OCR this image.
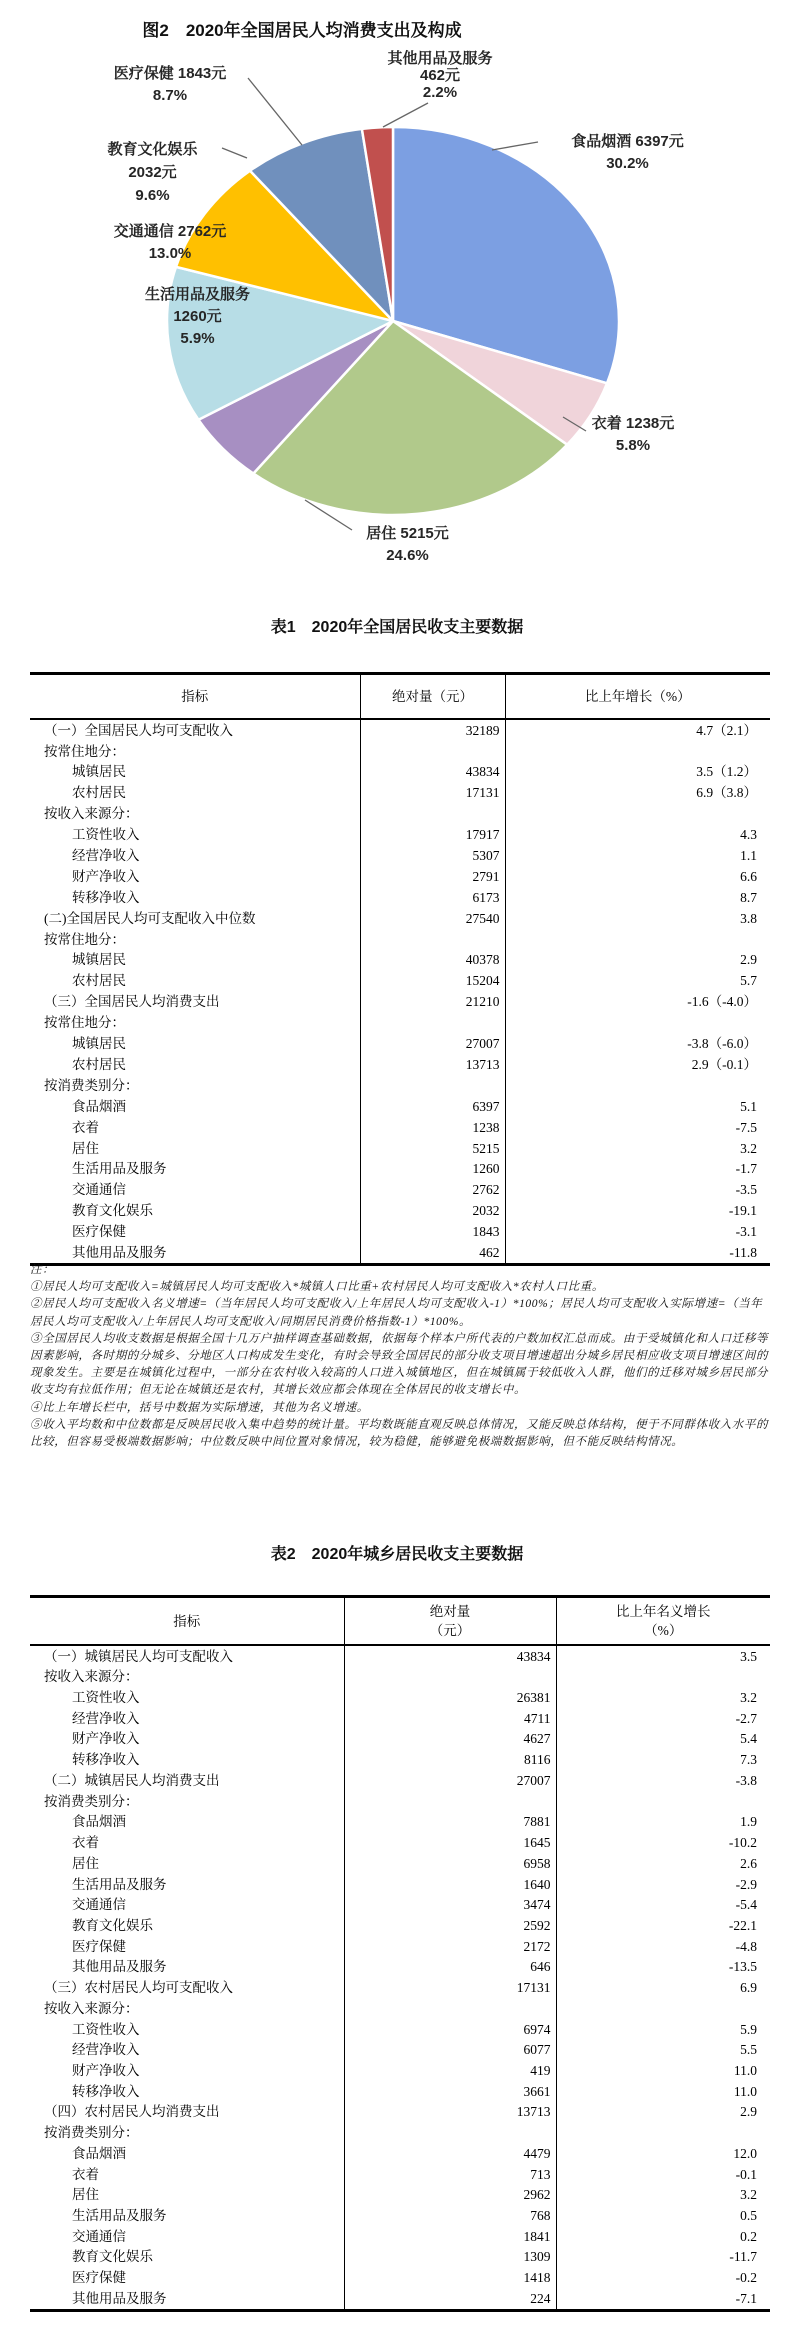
图2　2020年全国居民人均消费支出及构成
其他用品及服务
462元
2.2%
医疗保健 1843元
8.7%
食品烟酒 6397元
30.2%
教育文化娱乐
2032元
9.6%
交通通信 2762元
13.0%
生活用品及服务
1260元
5.9%
居住 5215元
24.6%
衣着 1238元
5.8%
表1　2020年全国居民收支主要数据
指标	绝对量（元）	比上年增长（%）

（一）全国居民人均可支配收入	32189	4.7（2.1）
按常住地分：		
城镇居民	43834	3.5（1.2）
农村居民	17131	6.9（3.8）
按收入来源分：		
工资性收入	17917	4.3
经营净收入	5307	1.1
财产净收入	2791	6.6
转移净收入	6173	8.7
(二)全国居民人均可支配收入中位数	27540	3.8
按常住地分：		
城镇居民	40378	2.9
农村居民	15204	5.7
（三）全国居民人均消费支出	21210	-1.6（-4.0）
按常住地分：		
城镇居民	27007	-3.8（-6.0）
农村居民	13713	2.9（-0.1）
按消费类别分：		
食品烟酒	6397	5.1
衣着	1238	-7.5
居住	5215	3.2
生活用品及服务	1260	-1.7
交通通信	2762	-3.5
教育文化娱乐	2032	-19.1
医疗保健	1843	-3.1
其他用品及服务	462	-11.8

注：

①居民人均可支配收入=城镇居民人均可支配收入*城镇人口比重+农村居民人均可支配收入*农村人口比重。

②居民人均可支配收入名义增速=（当年居民人均可支配收入/上年居民人均可支配收入-1）*100%；居民人均可支配收入实际增速=（当年居民人均可支配收入/上年居民人均可支配收入/同期居民消费价格指数-1）*100%。

③全国居民人均收支数据是根据全国十几万户抽样调查基础数据，依据每个样本户所代表的户数加权汇总而成。由于受城镇化和人口迁移等因素影响，各时期的分城乡、分地区人口构成发生变化，有时会导致全国居民的部分收支项目增速超出分城乡居民相应收支项目增速区间的现象发生。主要是在城镇化过程中，一部分在农村收入较高的人口进入城镇地区，但在城镇属于较低收入人群，他们的迁移对城乡居民部分收支均有拉低作用；但无论在城镇还是农村，其增长效应都会体现在全体居民的收支增长中。

④比上年增长栏中，括号中数据为实际增速，其他为名义增速。

⑤收入平均数和中位数都是反映居民收入集中趋势的统计量。平均数既能直观反映总体情况，又能反映总体结构，便于不同群体收入水平的比较，但容易受极端数据影响；中位数反映中间位置对象情况，较为稳健，能够避免极端数据影响，但不能反映结构情况。

表2　2020年城乡居民收支主要数据
指标

绝对量
（元）

比上年名义增长
（%）

（一）城镇居民人均可支配收入	43834	3.5
按收入来源分：		
工资性收入	26381	3.2
经营净收入	4711	-2.7
财产净收入	4627	5.4
转移净收入	8116	7.3
（二）城镇居民人均消费支出	27007	-3.8
按消费类别分：		
食品烟酒	7881	1.9
衣着	1645	-10.2
居住	6958	2.6
生活用品及服务	1640	-2.9
交通通信	3474	-5.4
教育文化娱乐	2592	-22.1
医疗保健	2172	-4.8
其他用品及服务	646	-13.5
（三）农村居民人均可支配收入	17131	6.9
按收入来源分：		
工资性收入	6974	5.9
经营净收入	6077	5.5
财产净收入	419	11.0
转移净收入	3661	11.0
（四）农村居民人均消费支出	13713	2.9
按消费类别分：		
食品烟酒	4479	12.0
衣着	713	-0.1
居住	2962	3.2
生活用品及服务	768	0.5
交通通信	1841	0.2
教育文化娱乐	1309	-11.7
医疗保健	1418	-0.2
其他用品及服务	224	-7.1
